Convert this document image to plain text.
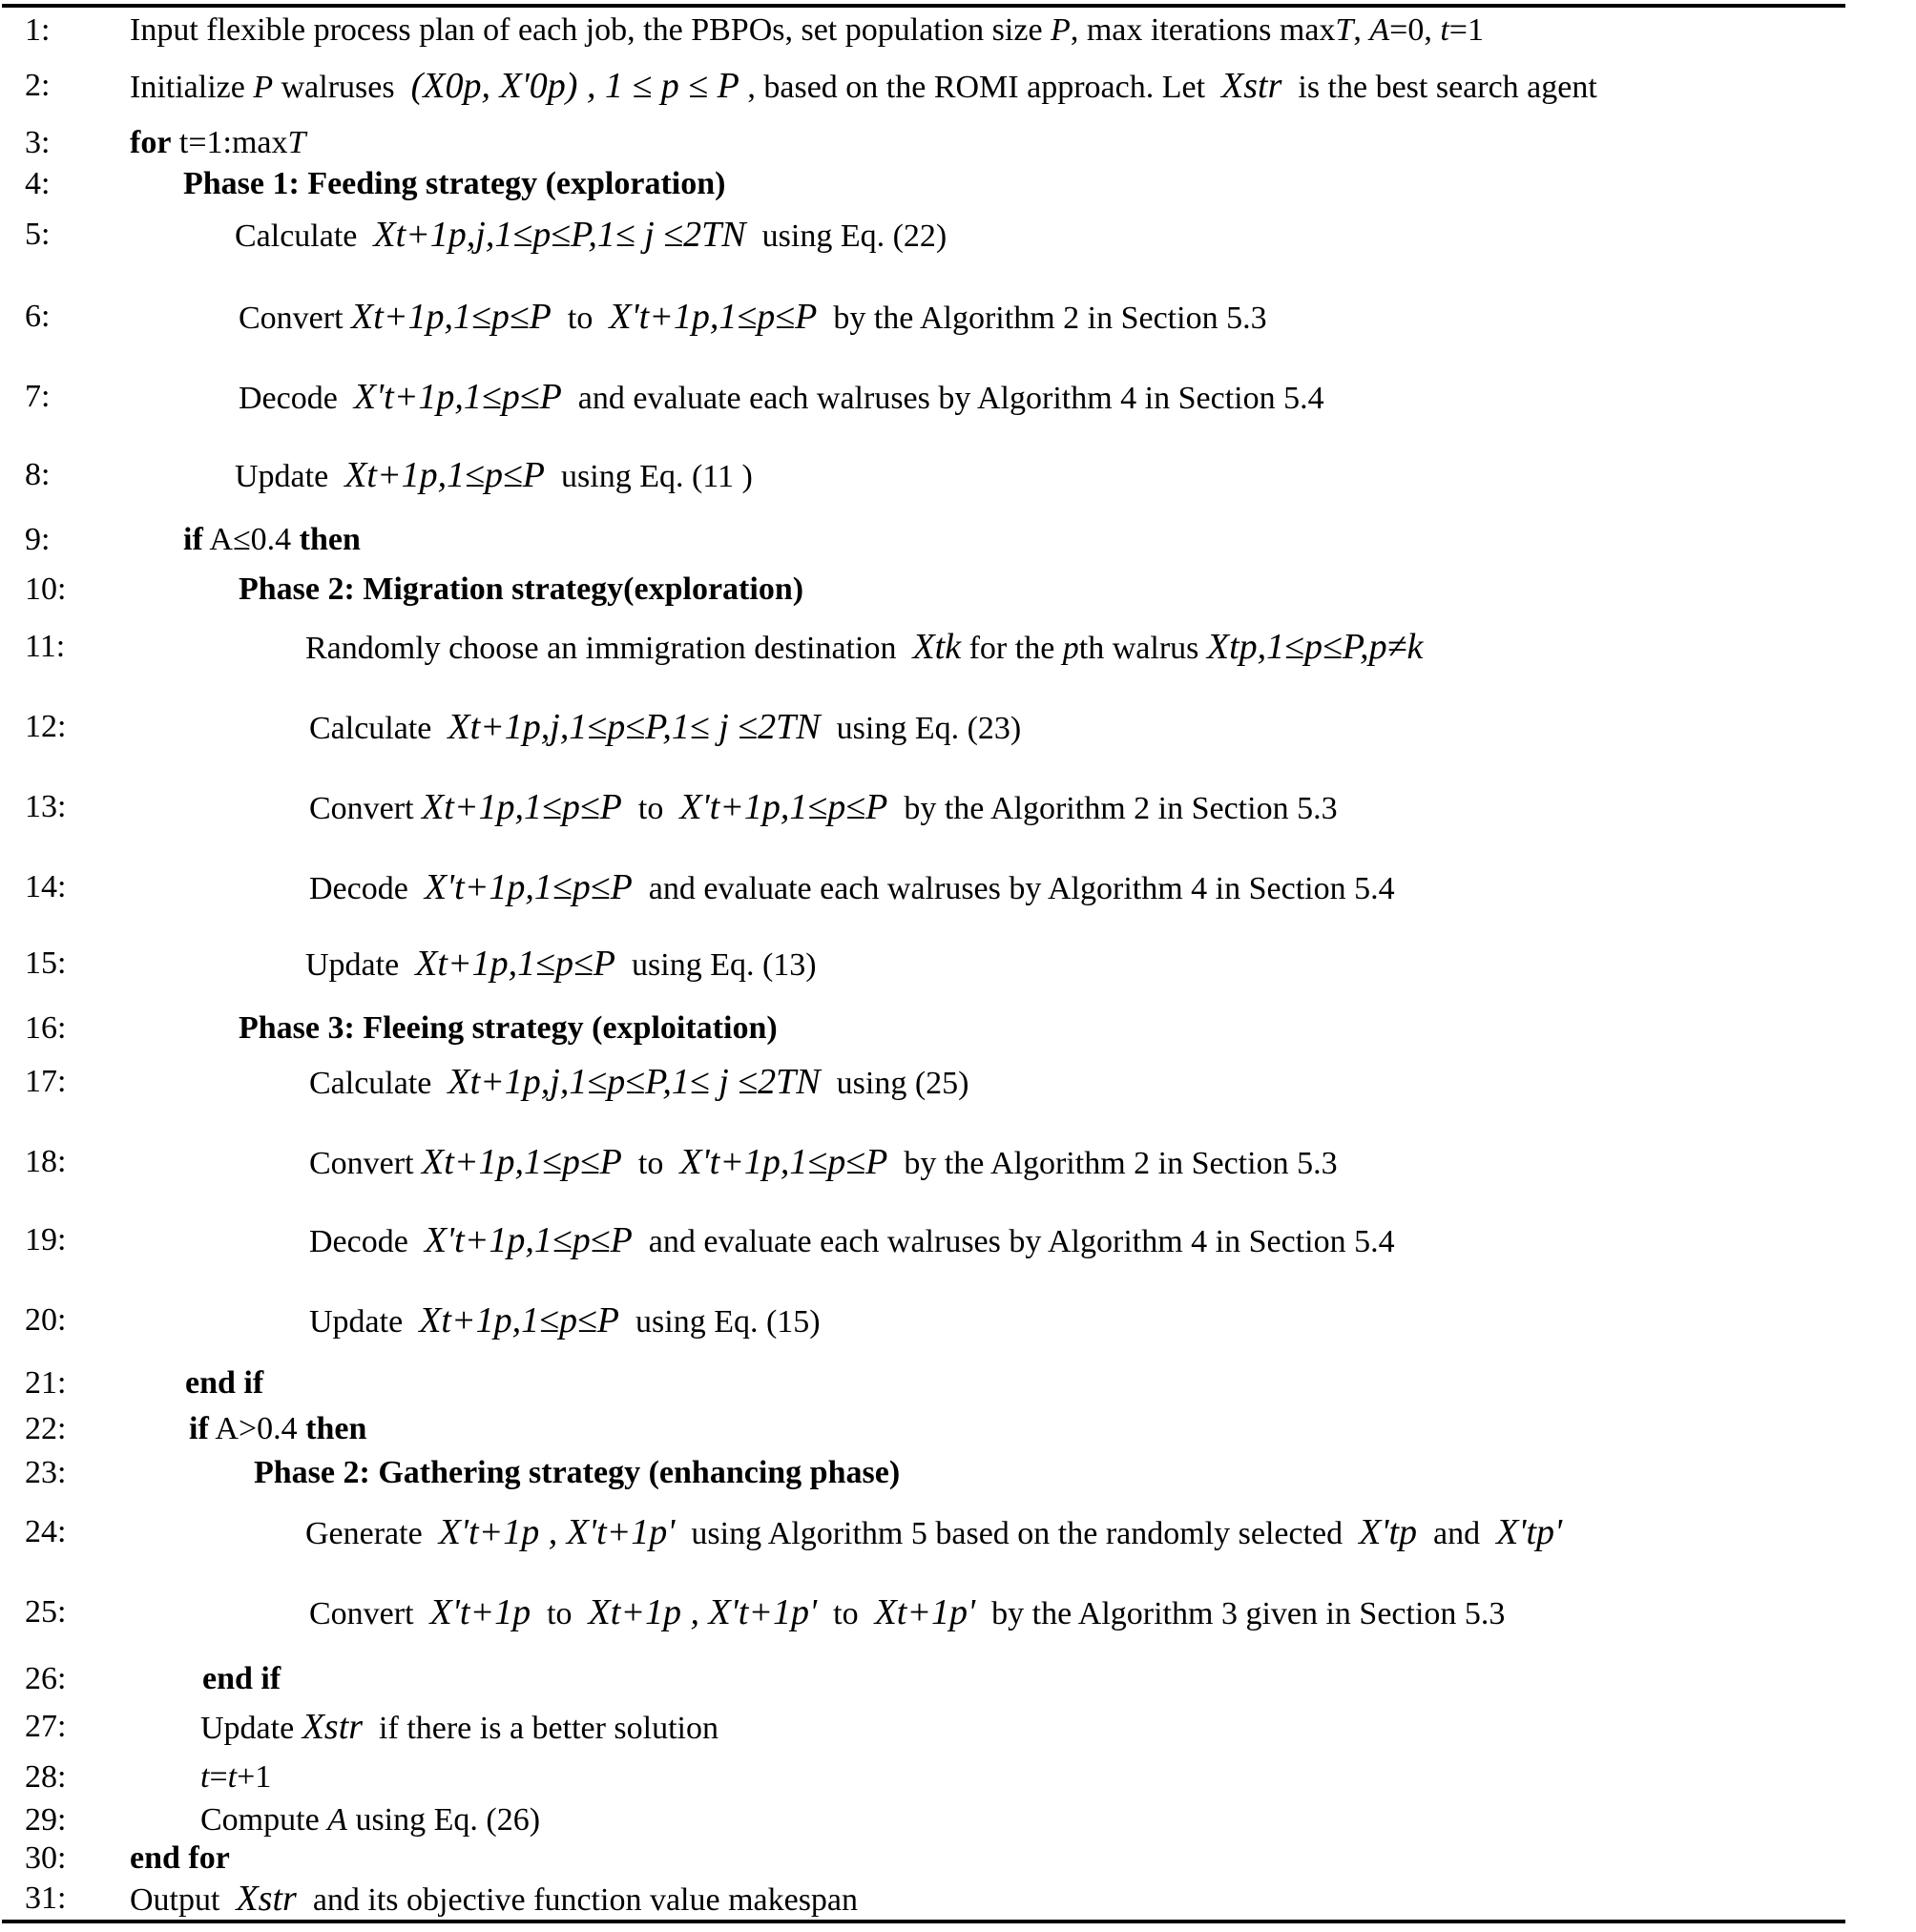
1: Input flexible process plan of each job, the PBPOs, set population size P, max iterations maxT, A=0, t=1
2: Initialize P walruses  (X0p, X'0p) , 1 ≤ p ≤ P , based on the ROMI approach. Let  Xstr  is the best search agent
3: for t=1:maxT
4:	Phase 1: Feeding strategy (exploration)
5:	Calculate  Xt+1p,j,1≤p≤P,1≤ j ≤2TN  using Eq. (22)
6:	Convert Xt+1p,1≤p≤P  to  X't+1p,1≤p≤P  by the Algorithm 2 in Section 5.3
7:	Decode  X't+1p,1≤p≤P  and evaluate each walruses by Algorithm 4 in Section 5.4
8:	Update  Xt+1p,1≤p≤P  using Eq. (11 )
9:	if A≤0.4 then
10:	Phase 2: Migration strategy(exploration)
11:	Randomly choose an immigration destination  Xtk for the pth walrus Xtp,1≤p≤P,p≠k
12:	Calculate  Xt+1p,j,1≤p≤P,1≤ j ≤2TN  using Eq. (23)
13:	Convert Xt+1p,1≤p≤P  to  X't+1p,1≤p≤P  by the Algorithm 2 in Section 5.3
14:	Decode  X't+1p,1≤p≤P  and evaluate each walruses by Algorithm 4 in Section 5.4
15:	Update  Xt+1p,1≤p≤P  using Eq. (13)
16:	Phase 3: Fleeing strategy (exploitation)
17:	Calculate  Xt+1p,j,1≤p≤P,1≤ j ≤2TN  using (25)
18:	Convert Xt+1p,1≤p≤P  to  X't+1p,1≤p≤P  by the Algorithm 2 in Section 5.3
19:	Decode  X't+1p,1≤p≤P  and evaluate each walruses by Algorithm 4 in Section 5.4
20:	Update  Xt+1p,1≤p≤P  using Eq. (15)
21:	end if
22:	if A>0.4 then
23:	Phase 2: Gathering strategy (enhancing phase)
24:	Generate  X't+1p , X't+1p'  using Algorithm 5 based on the randomly selected  X'tp  and  X'tp'
25:	Convert  X't+1p  to  Xt+1p , X't+1p'  to  Xt+1p'  by the Algorithm 3 given in Section 5.3
26:	end if
27:	Update Xstr  if there is a better solution
28:	t=t+1
29:	Compute A using Eq. (26)
30: end for
31: Output  Xstr  and its objective function value makespan
